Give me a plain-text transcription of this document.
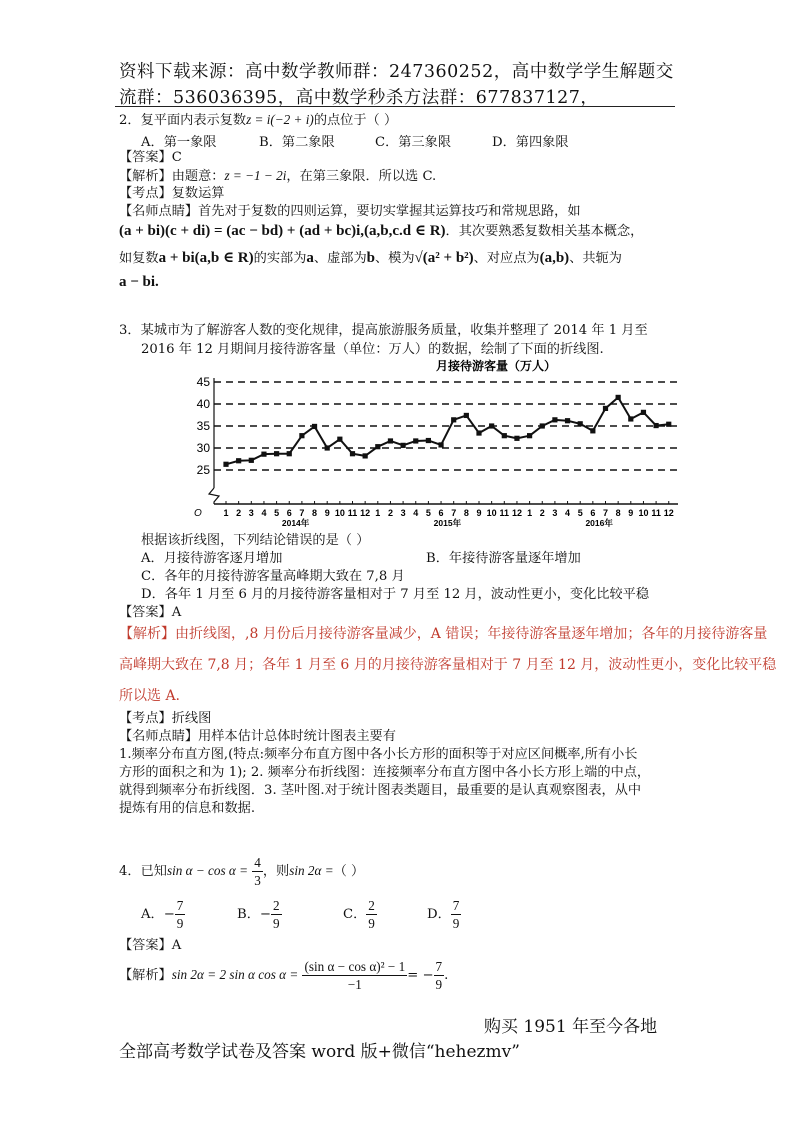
资料下载来源：高中数学教师群：247360252，高中数学学生解题交
流群：536036395，高中数学秒杀方法群：677837127，
2．复平面内表示复数z = i(−2 + i)的点位于（ ）
A．第一象限	B．第二象限	C．第三象限	D．第四象限
【答案】C
【解析】由题意：z = −1 − 2i，在第三象限．所以选 C.
【考点】复数运算
【名师点睛】首先对于复数的四则运算，要切实掌握其运算技巧和常规思路，如
(a + bi)(c + di) = (ac − bd) + (ad + bc)i,(a,b,c.d ∈ R)．其次要熟悉复数相关基本概念，
如复数a + bi(a,b ∈ R)的实部为a、虚部为b、模为√(a² + b²)、对应点为(a,b)、共轭为
a − bi.
3．某城市为了解游客人数的变化规律，提高旅游服务质量，收集并整理了 2014 年 1 月至
2016 年 12 月期间月接待游客量（单位：万人）的数据，绘制了下面的折线图.
月接待游客量（万人）
25
30
35
40
45
O 1 2 3 4 5 6 7 8 9 10 11 12 1 2 3 4 5 6 7 8 9 10 11 12 1 2 3 4 5 6 7 8 9 10 11 12
2014年	2015年	2016年
根据该折线图，下列结论错误的是（ ）
A．月接待游客逐月增加	B．年接待游客量逐年增加
C．各年的月接待游客量高峰期大致在 7,8 月
D．各年 1 月至 6 月的月接待游客量相对于 7 月至 12 月，波动性更小，变化比较平稳
【答案】A
【解析】由折线图，,8 月份后月接待游客量减少，A 错误；年接待游客量逐年增加；各年的月接待游客量
高峰期大致在 7,8 月；各年 1 月至 6 月的月接待游客量相对于 7 月至 12 月，波动性更小，变化比较平稳
所以选 A.
【考点】折线图
【名师点睛】用样本估计总体时统计图表主要有
1.频率分布直方图,(特点:频率分布直方图中各小长方形的面积等于对应区间概率,所有小长
方形的面积之和为 1); 2. 频率分布折线图：连接频率分布直方图中各小长方形上端的中点，
就得到频率分布折线图．3. 茎叶图.对于统计图表类题目，最重要的是认真观察图表，从中
提炼有用的信息和数据.
4．已知$\sin \alpha - \cos \alpha = \frac{4}{3}$ ，则sin 2α =（ ）
A．− $\frac{7}{9}$	B．− $\frac{2}{9}$	C． $\frac{2}{9}$	D． $\frac{7}{9}$
【答案】A
【解析】sin 2α = 2 sin α $\cos \alpha = \frac{\text{(sin α − cos α)² − 1}}{-1}$ = − $\frac{7}{9}$ .
购买 1951 年至今各地
全部高考数学试卷及答案 word 版+微信“hehezmv”
